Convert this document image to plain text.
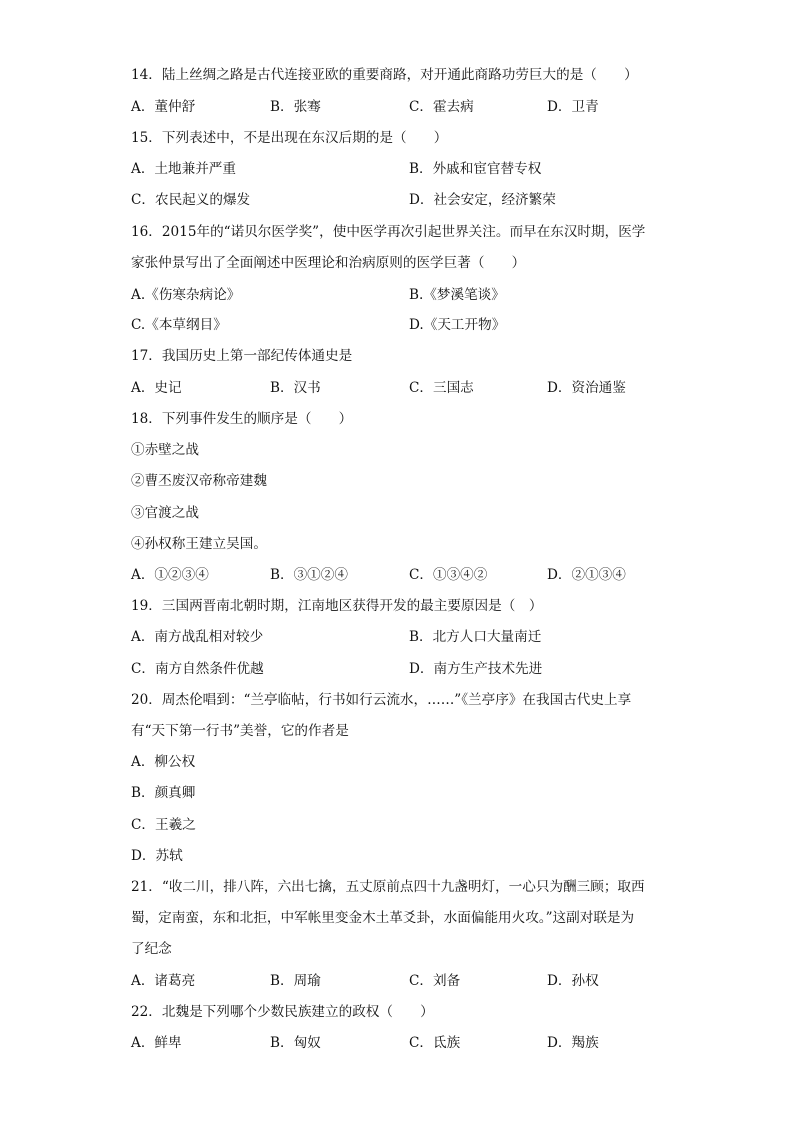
14．陆上丝绸之路是古代连接亚欧的重要商路，对开通此商路功劳巨大的是（　　）
A．董仲舒	B．张骞	C．霍去病	D．卫青
15．下列表述中，不是出现在东汉后期的是（　　）
A．土地兼并严重	B．外戚和宦官替专权
C．农民起义的爆发	D．社会安定，经济繁荣
16．2015年的“诺贝尔医学奖”，使中医学再次引起世界关注。而早在东汉时期，医学
家张仲景写出了全面阐述中医理论和治病原则的医学巨著（　　）
A.《伤寒杂病论》	B.《梦溪笔谈》
C.《本草纲目》	D.《天工开物》
17．我国历史上第一部纪传体通史是
A．史记	B．汉书	C．三国志	D．资治通鉴
18．下列事件发生的顺序是（　　）
①赤壁之战
②曹丕废汉帝称帝建魏
③官渡之战
④孙权称王建立吴国。
A．①②③④	B．③①②④	C．①③④②	D．②①③④
19．三国两晋南北朝时期，江南地区获得开发的最主要原因是（　）
A．南方战乱相对较少	B．北方人口大量南迁
C．南方自然条件优越	D．南方生产技术先进
20．周杰伦唱到：“兰亭临帖，行书如行云流水，……”《兰亭序》在我国古代史上享
有“天下第一行书”美誉，它的作者是
A．柳公权
B．颜真卿
C．王羲之
D．苏轼
21．“收二川，排八阵，六出七擒，五丈原前点四十九盏明灯，一心只为酬三顾；取西
蜀，定南蛮，东和北拒，中军帐里变金木土革爻卦，水面偏能用火攻。”这副对联是为
了纪念
A．诸葛亮	B．周瑜	C．刘备	D．孙权
22．北魏是下列哪个少数民族建立的政权（　　）
A．鲜卑	B．匈奴	C．氐族	D．羯族
